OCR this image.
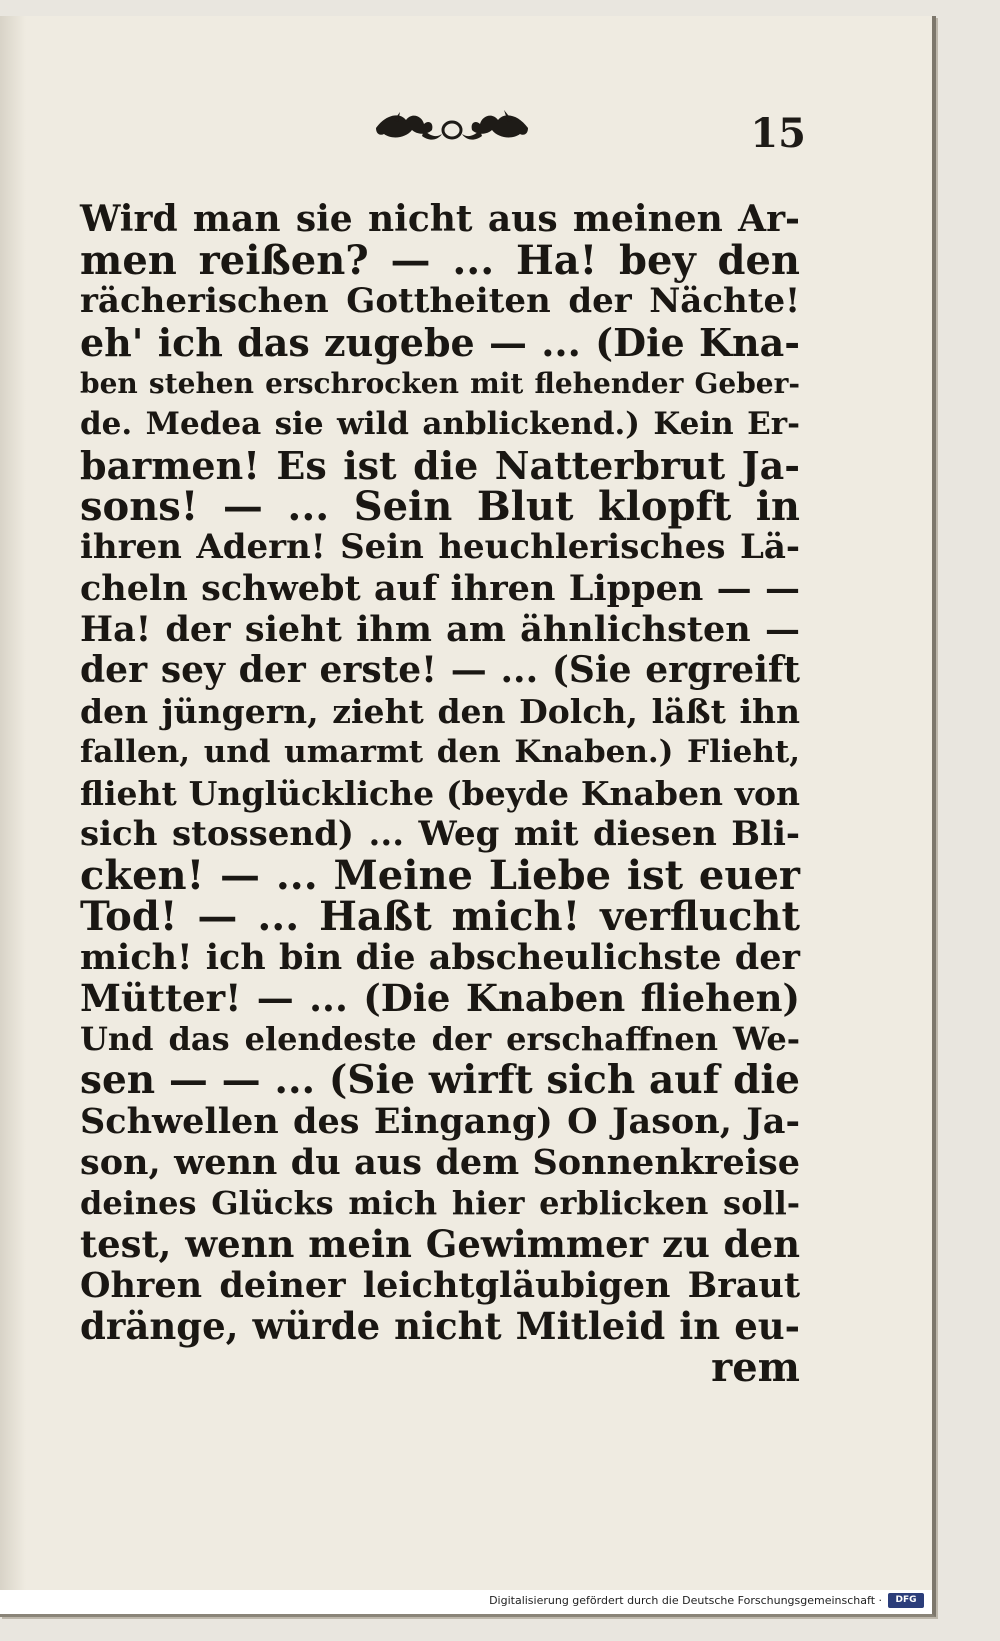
15
Wird man sie nicht aus meinen Ar-
men reißen? — ... Ha! bey den
rächerischen Gottheiten der Nächte!
eh' ich das zugebe — ... (Die Kna-
ben stehen erschrocken mit flehender Geber-
de. Medea sie wild anblickend.) Kein Er-
barmen! Es ist die Natterbrut Ja-
sons! — ... Sein Blut klopft in
ihren Adern! Sein heuchlerisches Lä-
cheln schwebt auf ihren Lippen — —
Ha! der sieht ihm am ähnlichsten —
der sey der erste! — ... (Sie ergreift
den jüngern, zieht den Dolch, läßt ihn
fallen, und umarmt den Knaben.) Flieht,
flieht Unglückliche (beyde Knaben von
sich stossend) ... Weg mit diesen Bli-
cken! — ... Meine Liebe ist euer
Tod! — ... Haßt mich! verflucht
mich! ich bin die abscheulichste der
Mütter! — ... (Die Knaben fliehen)
Und das elendeste der erschaffnen We-
sen — — ... (Sie wirft sich auf die
Schwellen des Eingang) O Jason, Ja-
son, wenn du aus dem Sonnenkreise
deines Glücks mich hier erblicken soll-
test, wenn mein Gewimmer zu den
Ohren deiner leichtgläubigen Braut
dränge, würde nicht Mitleid in eu-
rem
Digitalisierung gefördert durch die Deutsche Forschungsgemeinschaft ·	DFG
